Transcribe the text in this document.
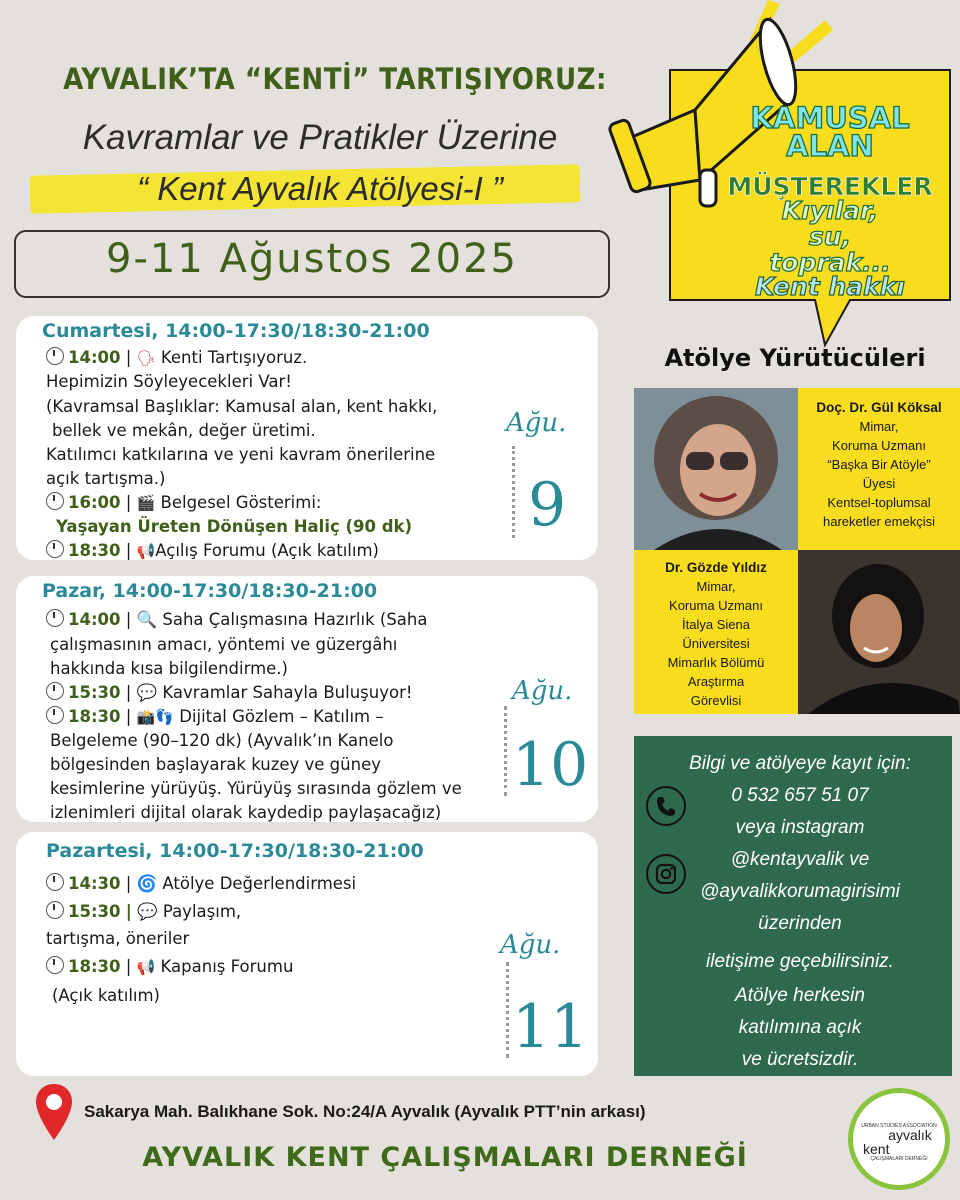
AYVALIK’TA “KENTİ” TARTIŞIYORUZ:
Kavramlar ve Pratikler Üzerine
“ Kent Ayvalık Atölyesi-I ”
9-11 Ağustos 2025
KAMUSAL
ALAN
MÜŞTEREKLER
Kıyılar,
su,
toprak...
Kent hakkı
Atölye Yürütücüleri
Doç. Dr. Gül Köksal
Mimar,
Koruma Uzmanı
“Başka Bir Atöyle”
Üyesi
Kentsel-toplumsal
hareketler emekçisi
Dr. Gözde Yıldız
Mimar,
Koruma Uzmanı
İtalya Siena
Üniversitesi
Mimarlık Bölümü
Araştırma
Görevlisi
Cumartesi, 14:00-17:30/18:30-21:00
14:00 | 🗣 Kenti Tartışıyoruz.
Hepimizin Söyleyecekleri Var!
(Kavramsal Başlıklar: Kamusal alan, kent hakkı,
bellek ve mekân, değer üretimi.
Katılımcı katkılarına ve yeni kavram önerilerine
açık tartışma.)
16:00 | 🎬 Belgesel Gösterimi:
Yaşayan Üreten Dönüşen Haliç (90 dk)
18:30 | 📢Açılış Forumu (Açık katılım)
Ağu.
9
Pazar, 14:00-17:30/18:30-21:00
14:00 | 🔍 Saha Çalışmasına Hazırlık (Saha
çalışmasının amacı, yöntemi ve güzergâhı
hakkında kısa bilgilendirme.)
15:30 | 💬 Kavramlar Sahayla Buluşuyor!
18:30 | 📸👣 Dijital Gözlem – Katılım –
Belgeleme (90–120 dk) (Ayvalık’ın Kanelo
bölgesinden başlayarak kuzey ve güney
kesimlerine yürüyüş. Yürüyüş sırasında gözlem ve
izlenimleri dijital olarak kaydedip paylaşacağız)
Ağu.
10
Pazartesi, 14:00-17:30/18:30-21:00
14:30 | 🌀 Atölye Değerlendirmesi
15:30 | 💬 Paylaşım,
tartışma, öneriler
18:30 | 📢 Kapanış Forumu
(Açık katılım)
Ağu.
11
Bilgi ve atölyeye kayıt için:
0 532 657 51 07
veya instagram
@kentayvalik ve
@ayvalikkorumagirisimi
üzerinden
iletişime geçebilirsiniz.
Atölye herkesin
katılımına açık
ve ücretsizdir.
Sakarya Mah. Balıkhane Sok. No:24/A Ayvalık (Ayvalık PTT’nin arkası)
AYVALIK KENT ÇALIŞMALARI DERNEĞİ
URBAN STUDIES ASSOCIATION
ayvalık
kent
ÇALIŞMALARI DERNEĞİ
